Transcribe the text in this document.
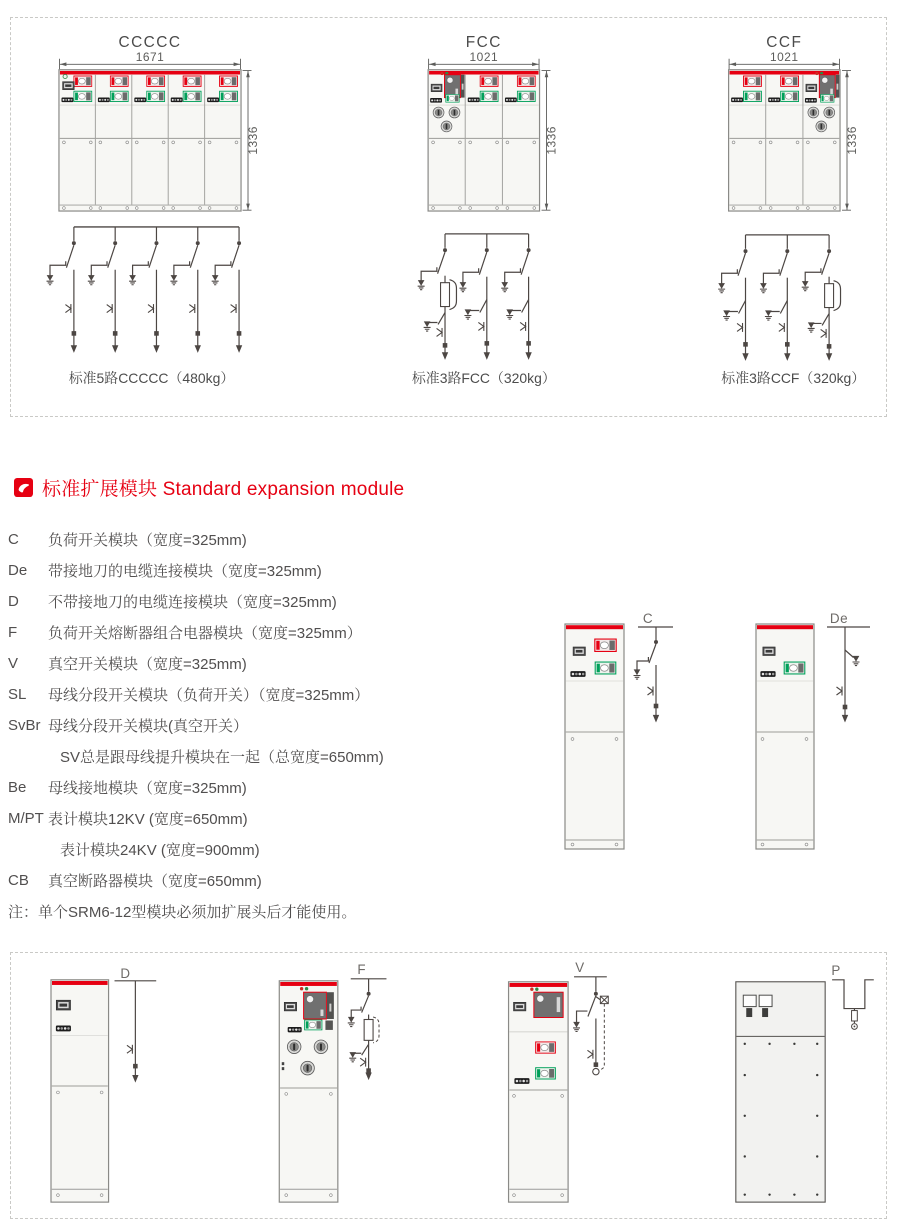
CCCCC
1671
1336
标准5路CCCCC（480kg）
FCC
1021
1336
标准3路FCC（320kg）
CCF
1021
1336
标准3路CCF（320kg）
标准扩展模块 Standard expansion module
C	负荷开关模块（宽度=325mm)
De	带接地刀的电缆连接模块（宽度=325mm)
D	不带接地刀的电缆连接模块（宽度=325mm)
F	负荷开关熔断器组合电器模块（宽度=325mm）
V	真空开关模块（宽度=325mm)
SL	母线分段开关模块（负荷开关）（宽度=325mm）
SvBr 母线分段开关模块(真空开关）
SV总是跟母线提升模块在一起（总宽度=650mm)
Be	母线接地模块（宽度=325mm)
M/PT 表计模块12KV (宽度=650mm)
表计模块24KV (宽度=900mm)
CB	真空断路器模块（宽度=650mm)
注：单个SRM6-12型模块必须加扩展头后才能使用。
C	De
D	F	V	P
